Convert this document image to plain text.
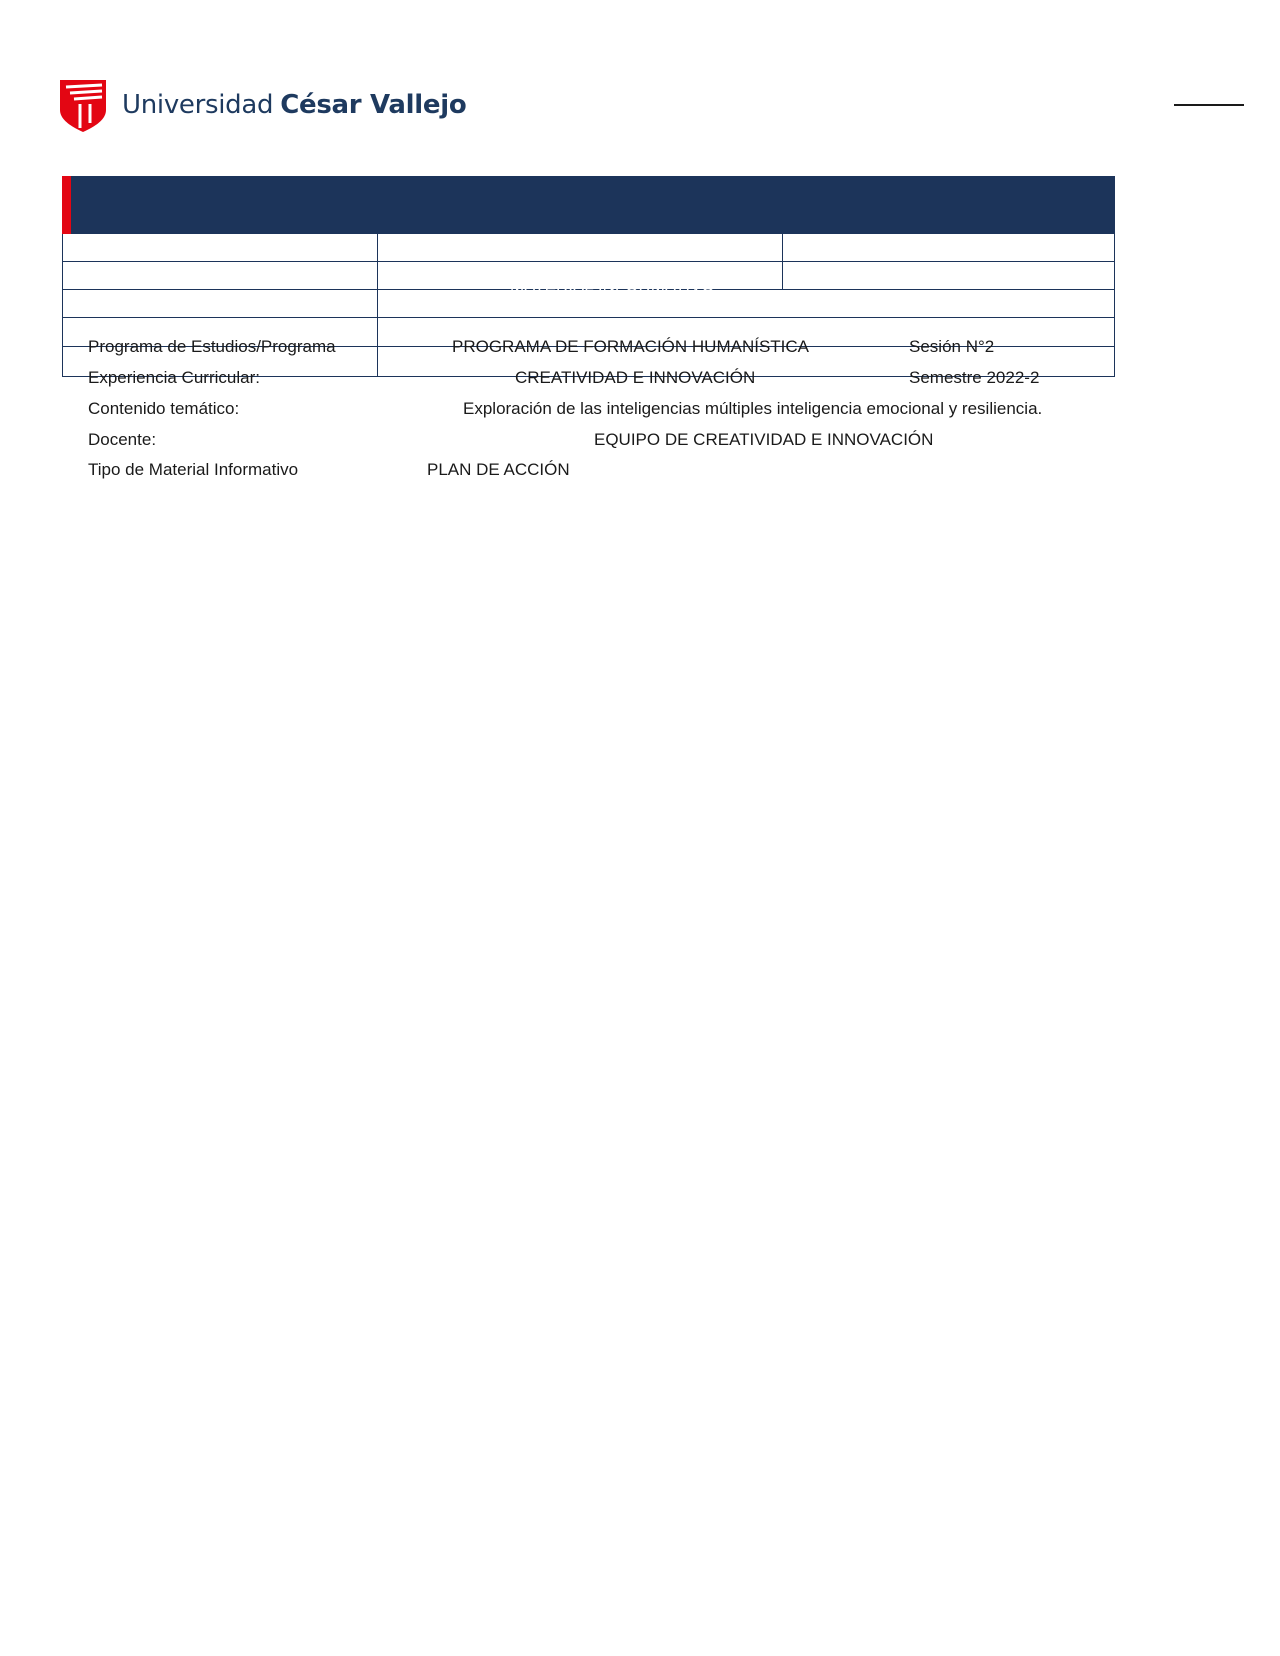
Universidad César Vallejo
MATERIAL INFORMATIVO
Programa de Estudios/Programa	PROGRAMA DE FORMACIÓN HUMANÍSTICA	Sesión N°2
Experiencia Curricular:	CREATIVIDAD E INNOVACIÓN	Semestre 2022-2
Contenido temático:	Exploración de las inteligencias múltiples inteligencia emocional y resiliencia.
Docente:	EQUIPO DE CREATIVIDAD E INNOVACIÓN
Tipo de Material Informativo	PLAN DE ACCIÓN
